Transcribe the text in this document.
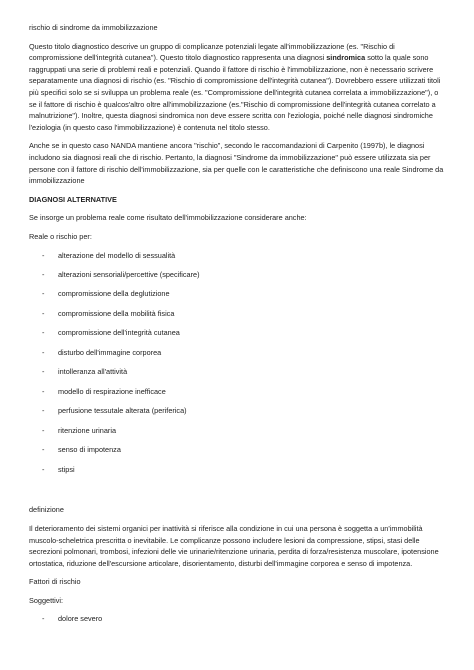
rischio di sindrome da immobilizzazione

Questo titolo diagnostico descrive un gruppo di complicanze potenziali legate all'immobilizzazione (es. "Rischio di compromissione dell'integrità cutanea"). Questo titolo diagnostico rappresenta una diagnosi sindromica sotto la quale sono raggruppati una serie di problemi reali e potenziali. Quando il fattore di rischio è l'immobilizzazione, non è necessario scrivere separatamente una diagnosi di rischio (es. "Rischio di compromissione dell'integrità cutanea"). Dovrebbero essere utilizzati titoli più specifici solo se si sviluppa un problema reale (es. "Compromissione dell'integrità cutanea correlata a immobilizzazione"), o se il fattore di rischio è qualcos'altro oltre all'immobilizzazione (es."Rischio di compromissione dell'integrità cutanea correlato a malnutrizione"). Inoltre, questa diagnosi sindromica non deve essere scritta con l'eziologia, poiché nelle diagnosi sindromiche l'eziologia (in questo caso l'immobilizzazione) è contenuta nel titolo stesso.

Anche se in questo caso NANDA mantiene ancora "rischio", secondo le raccomandazioni di Carpenito (1997b), le diagnosi includono sia diagnosi reali che di rischio. Pertanto, la diagnosi "Sindrome da immobilizzazione" può essere utilizzata sia per persone con il fattore di rischio dell'immobilizzazione, sia per quelle con le caratteristiche che definiscono una reale Sindrome da immobilizzazione

DIAGNOSI ALTERNATIVE

Se insorge un problema reale come risultato dell'immobilizzazione considerare anche:

Reale o rischio per:

- alterazione del modello di sessualità
- alterazioni sensoriali/percettive (specificare)
- compromissione della deglutizione
- compromissione della mobilità fisica
- compromissione dell'integrità cutanea
- disturbo dell'immagine corporea
- intolleranza all'attività
- modello di respirazione inefficace
- perfusione tessutale alterata (periferica)
- ritenzione urinaria
- senso di impotenza
- stipsi

definizione

Il deterioramento dei sistemi organici per inattività si riferisce alla condizione in cui una persona è soggetta a un'immobilità muscolo-scheletrica prescritta o inevitabile. Le complicanze possono includere lesioni da compressione, stipsi, stasi delle secrezioni polmonari, trombosi, infezioni delle vie urinarie/ritenzione urinaria, perdita di forza/resistenza muscolare, ipotensione ortostatica, riduzione dell'escursione articolare, disorientamento, disturbi dell'immagine corporea e senso di impotenza.

Fattori di rischio

Soggettivi:

- dolore severo
